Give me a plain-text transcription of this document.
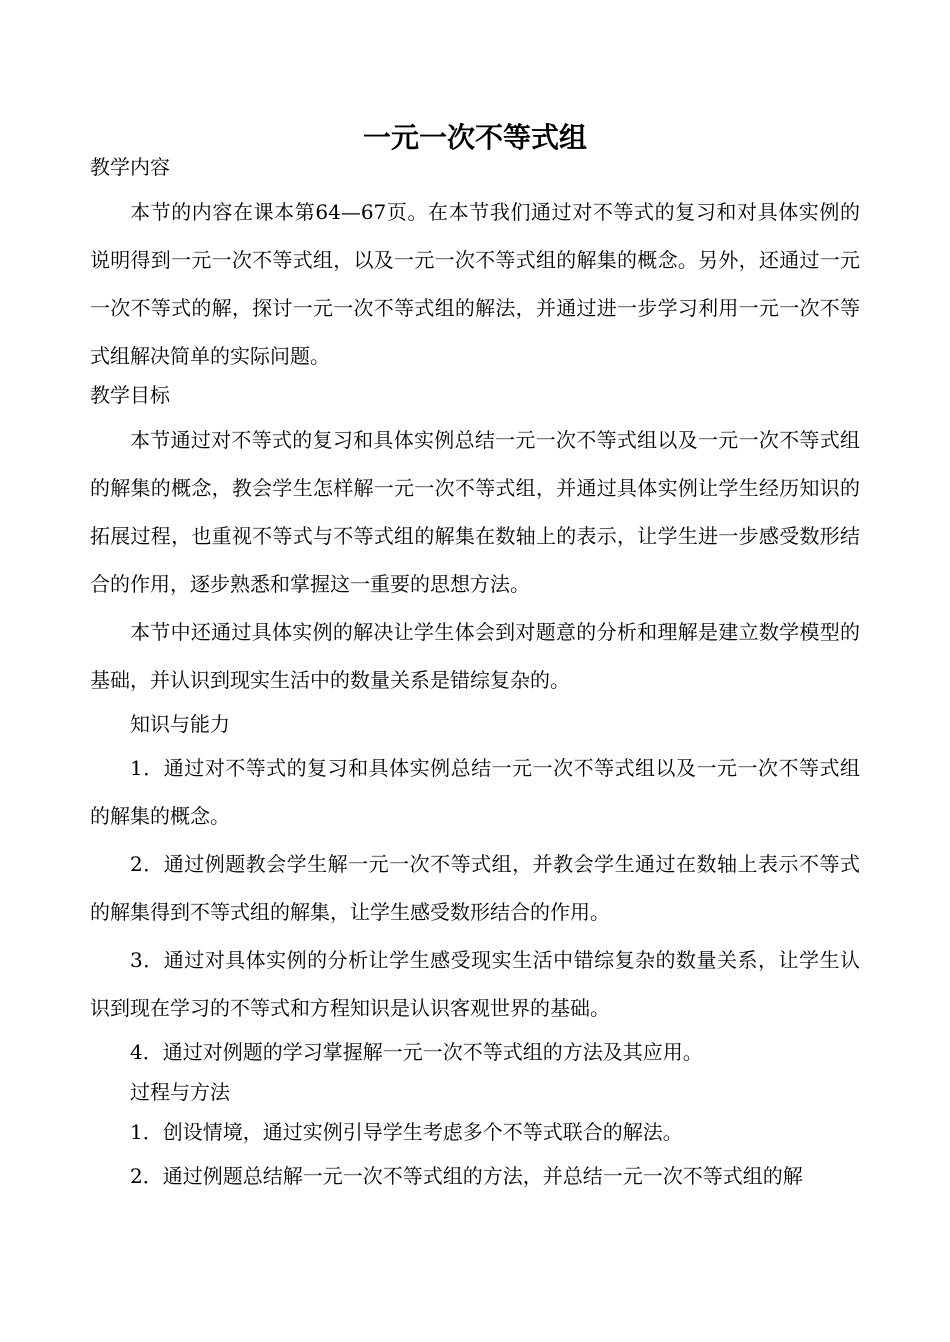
一元一次不等式组

教学内容

本节的内容在课本第64—67页。在本节我们通过对不等式的复习和对具体实例的说明得到一元一次不等式组，以及一元一次不等式组的解集的概念。另外，还通过一元一次不等式的解，探讨一元一次不等式组的解法，并通过进一步学习利用一元一次不等式组解决简单的实际问题。

教学目标

本节通过对不等式的复习和具体实例总结一元一次不等式组以及一元一次不等式组的解集的概念，教会学生怎样解一元一次不等式组，并通过具体实例让学生经历知识的拓展过程，也重视不等式与不等式组的解集在数轴上的表示，让学生进一步感受数形结合的作用，逐步熟悉和掌握这一重要的思想方法。

本节中还通过具体实例的解决让学生体会到对题意的分析和理解是建立数学模型的基础，并认识到现实生活中的数量关系是错综复杂的。

知识与能力

1．通过对不等式的复习和具体实例总结一元一次不等式组以及一元一次不等式组的解集的概念。

2．通过例题教会学生解一元一次不等式组，并教会学生通过在数轴上表示不等式的解集得到不等式组的解集，让学生感受数形结合的作用。

3．通过对具体实例的分析让学生感受现实生活中错综复杂的数量关系，让学生认识到现在学习的不等式和方程知识是认识客观世界的基础。

4．通过对例题的学习掌握解一元一次不等式组的方法及其应用。

过程与方法

1．创设情境，通过实例引导学生考虑多个不等式联合的解法。

2．通过例题总结解一元一次不等式组的方法，并总结一元一次不等式组的解
